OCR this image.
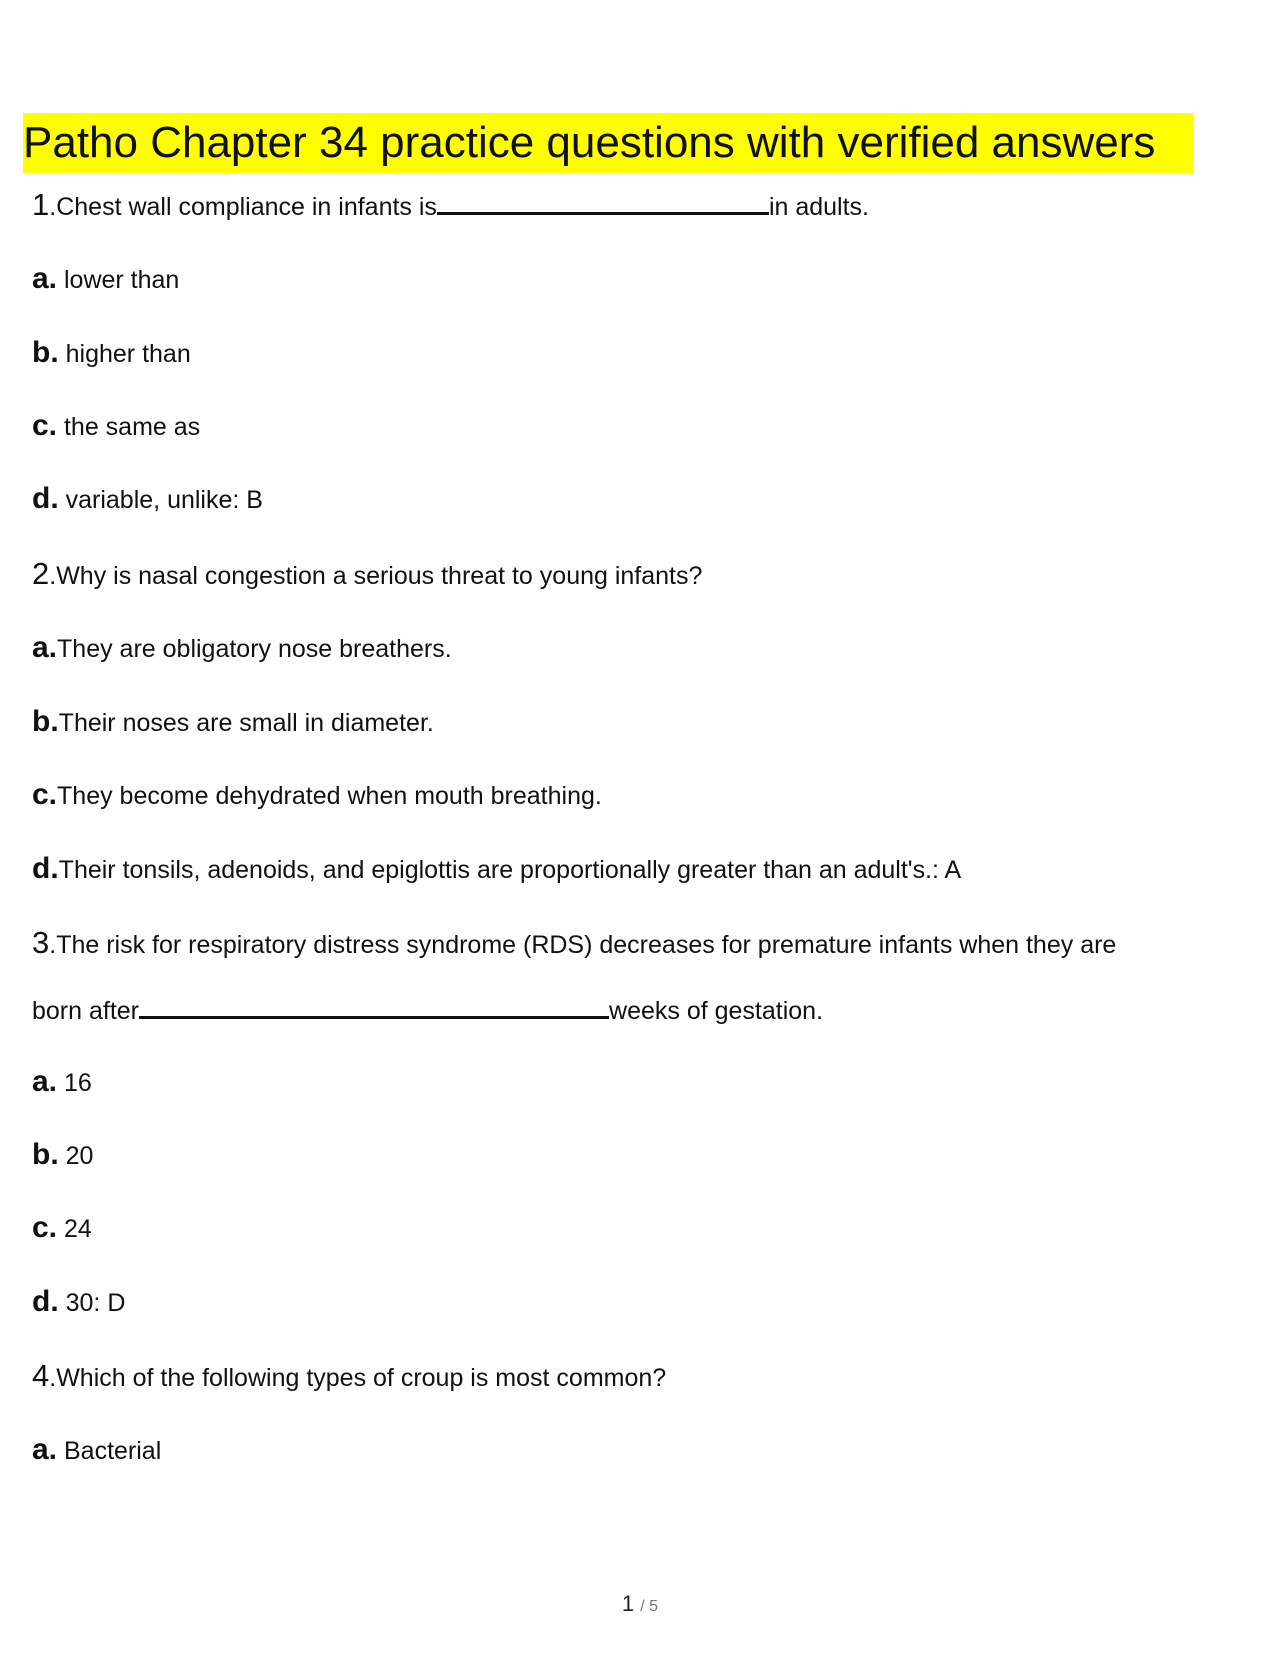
Patho Chapter 34 practice questions with verified answers
1.Chest wall compliance in infants is	in adults.
a. lower than
b. higher than
c. the same as
d. variable, unlike: B
2.Why is nasal congestion a serious threat to young infants?
a.They are obligatory nose breathers.
b.Their noses are small in diameter.
c.They become dehydrated when mouth breathing.
d.Their tonsils, adenoids, and epiglottis are proportionally greater than an adult's.: A
3.The risk for respiratory distress syndrome (RDS) decreases for premature infants when they are
born after	weeks of gestation.
a. 16
b. 20
c. 24
d. 30: D
4.Which of the following types of croup is most common?
a. Bacterial
1 / 5
